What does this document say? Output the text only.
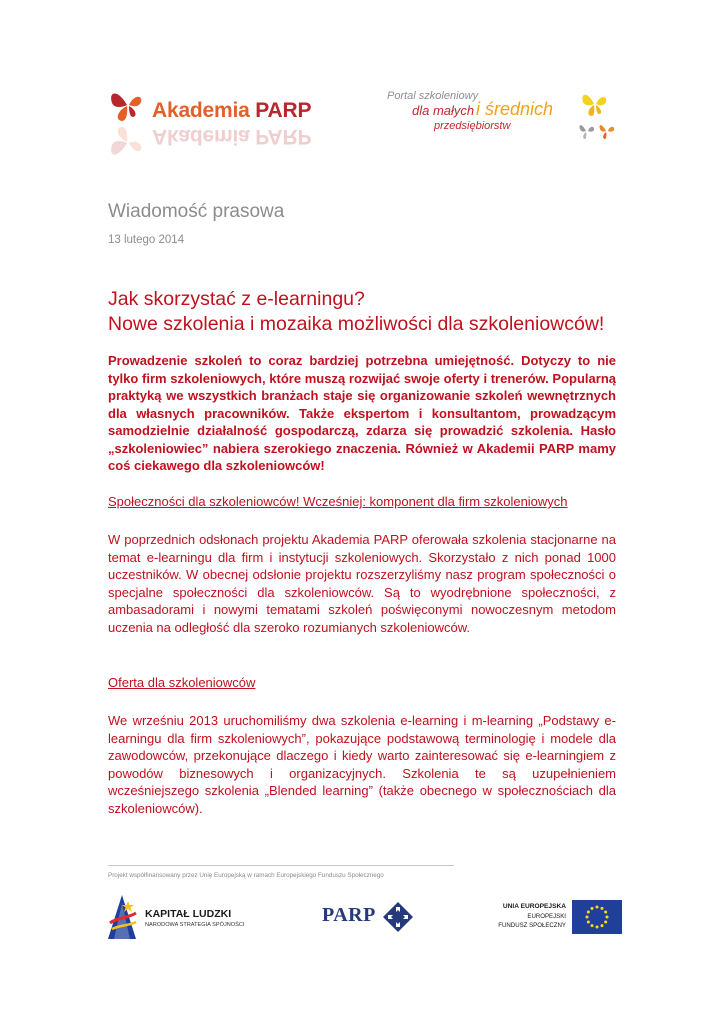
Akademia PARP
Akademia PARP
Portal szkoleniowy
dla małych i średnich
przedsiębiorstw
Wiadomość prasowa
13 lutego 2014
Jak skorzystać z e-learningu?
Nowe szkolenia i mozaika możliwości dla szkoleniowców!

Prowadzenie szkoleń to coraz bardziej potrzebna umiejętność. Dotyczy to nie tylko firm szkoleniowych, które muszą rozwijać swoje oferty i trenerów. Popularną praktyką we wszystkich branżach staje się organizowanie szkoleń wewnętrznych dla własnych pracowników. Także ekspertom i konsultantom, prowadzącym samodzielnie działalność gospodarczą, zdarza się prowadzić szkolenia. Hasło „szkoleniowiec” nabiera szerokiego znaczenia. Również w Akademii PARP mamy coś ciekawego dla szkoleniowców!

Społeczności dla szkoleniowców! Wcześniej: komponent dla firm szkoleniowych

W poprzednich odsłonach projektu Akademia PARP oferowała szkolenia stacjonarne na temat e-learningu dla firm i instytucji szkoleniowych. Skorzystało z nich ponad 1000 uczestników. W obecnej odsłonie projektu rozszerzyliśmy nasz program społeczności o specjalne społeczności dla szkoleniowców. Są to wyodrębnione społeczności, z ambasadorami i nowymi tematami szkoleń poświęconymi nowoczesnym metodom uczenia na odległość dla szeroko rozumianych szkoleniowców.

Oferta dla szkoleniowców

We wrześniu 2013 uruchomiliśmy dwa szkolenia e-learning i m-learning „Podstawy e-learningu dla firm szkoleniowych”, pokazujące podstawową terminologię i modele dla zawodowców, przekonujące dlaczego i kiedy warto zainteresować się e-learningiem z powodów biznesowych i organizacyjnych. Szkolenia te są uzupełnieniem wcześniejszego szkolenia „Blended learning” (także obecnego w społecznościach dla szkoleniowców).

Projekt współfinansowany przez Unię Europejską w ramach Europejskiego Funduszu Społecznego
KAPITAŁ LUDZKI
NARODOWA STRATEGIA SPÓJNOŚCI	PARP	UNIA EUROPEJSKA
EUROPEJSKI
FUNDUSZ SPOŁECZNY
